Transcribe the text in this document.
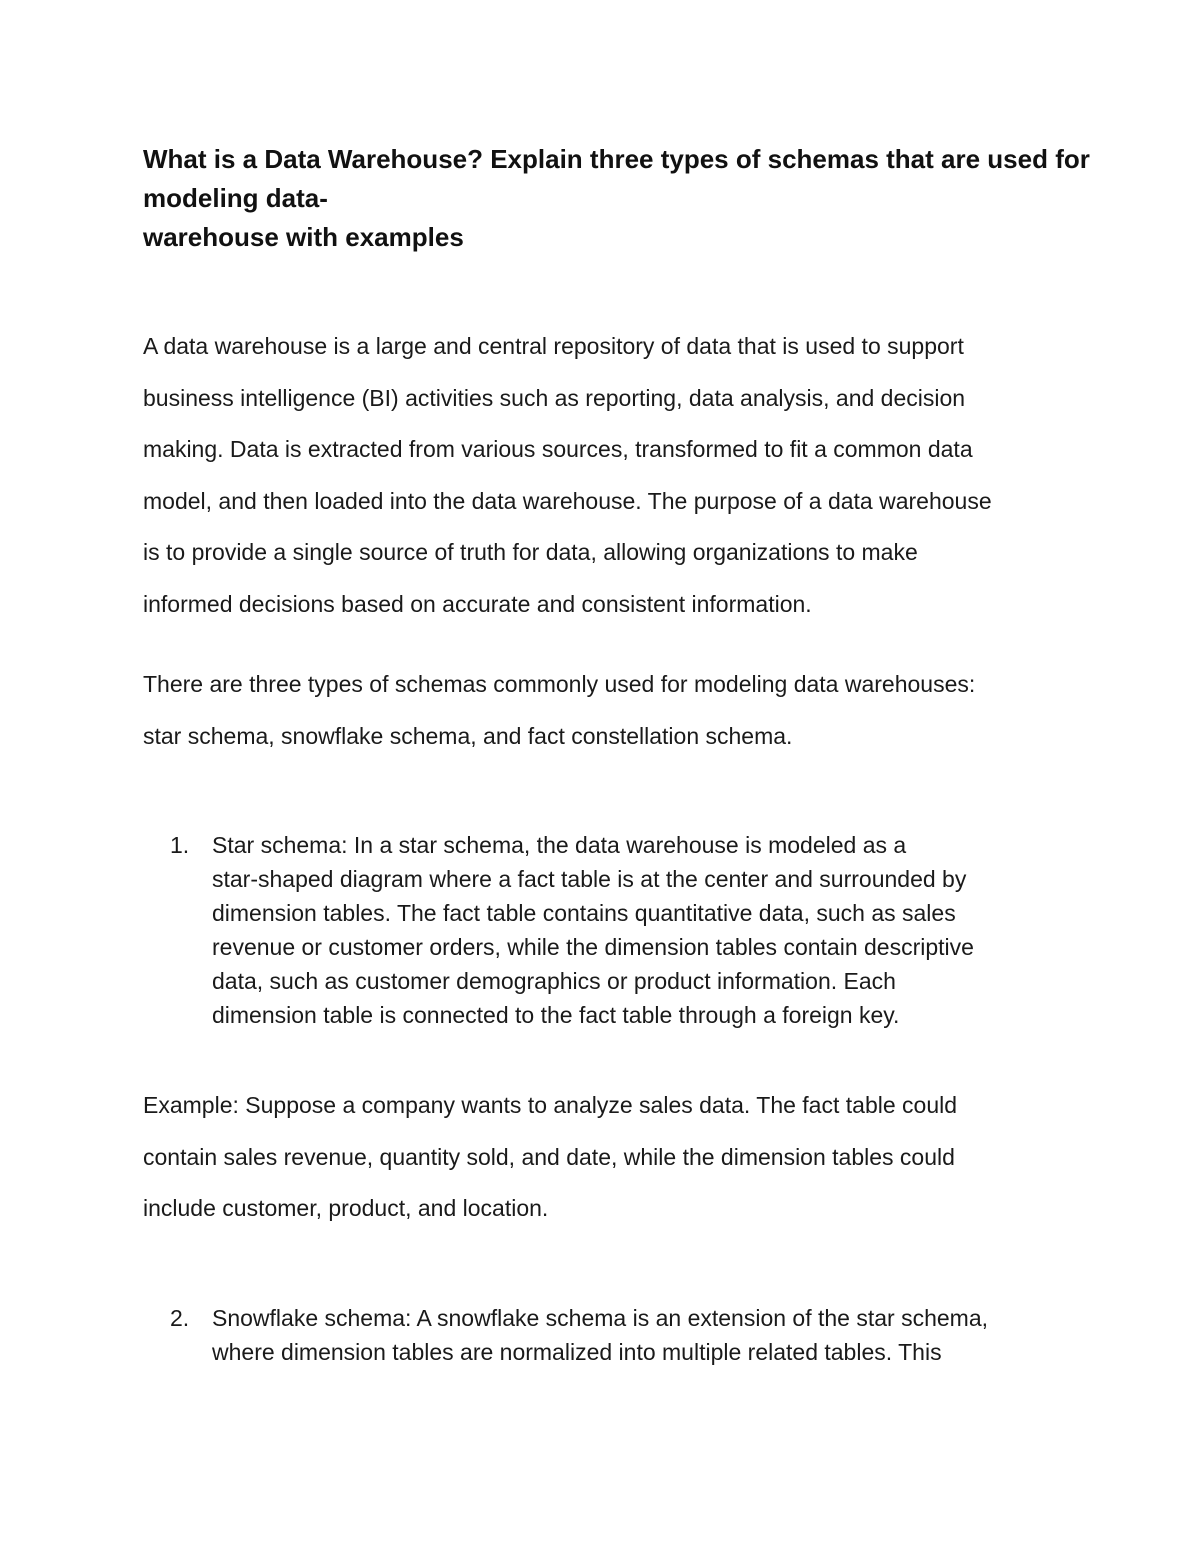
What is a Data Warehouse? Explain three types of schemas that are used for
modeling data-
warehouse with examples

A data warehouse is a large and central repository of data that is used to support
business intelligence (BI) activities such as reporting, data analysis, and decision
making. Data is extracted from various sources, transformed to fit a common data
model, and then loaded into the data warehouse. The purpose of a data warehouse
is to provide a single source of truth for data, allowing organizations to make
informed decisions based on accurate and consistent information.

There are three types of schemas commonly used for modeling data warehouses:
star schema, snowflake schema, and fact constellation schema.

1. Star schema: In a star schema, the data warehouse is modeled as a
star-shaped diagram where a fact table is at the center and surrounded by
dimension tables. The fact table contains quantitative data, such as sales
revenue or customer orders, while the dimension tables contain descriptive
data, such as customer demographics or product information. Each
dimension table is connected to the fact table through a foreign key.

Example: Suppose a company wants to analyze sales data. The fact table could
contain sales revenue, quantity sold, and date, while the dimension tables could
include customer, product, and location.

2. Snowflake schema: A snowflake schema is an extension of the star schema,
where dimension tables are normalized into multiple related tables. This
